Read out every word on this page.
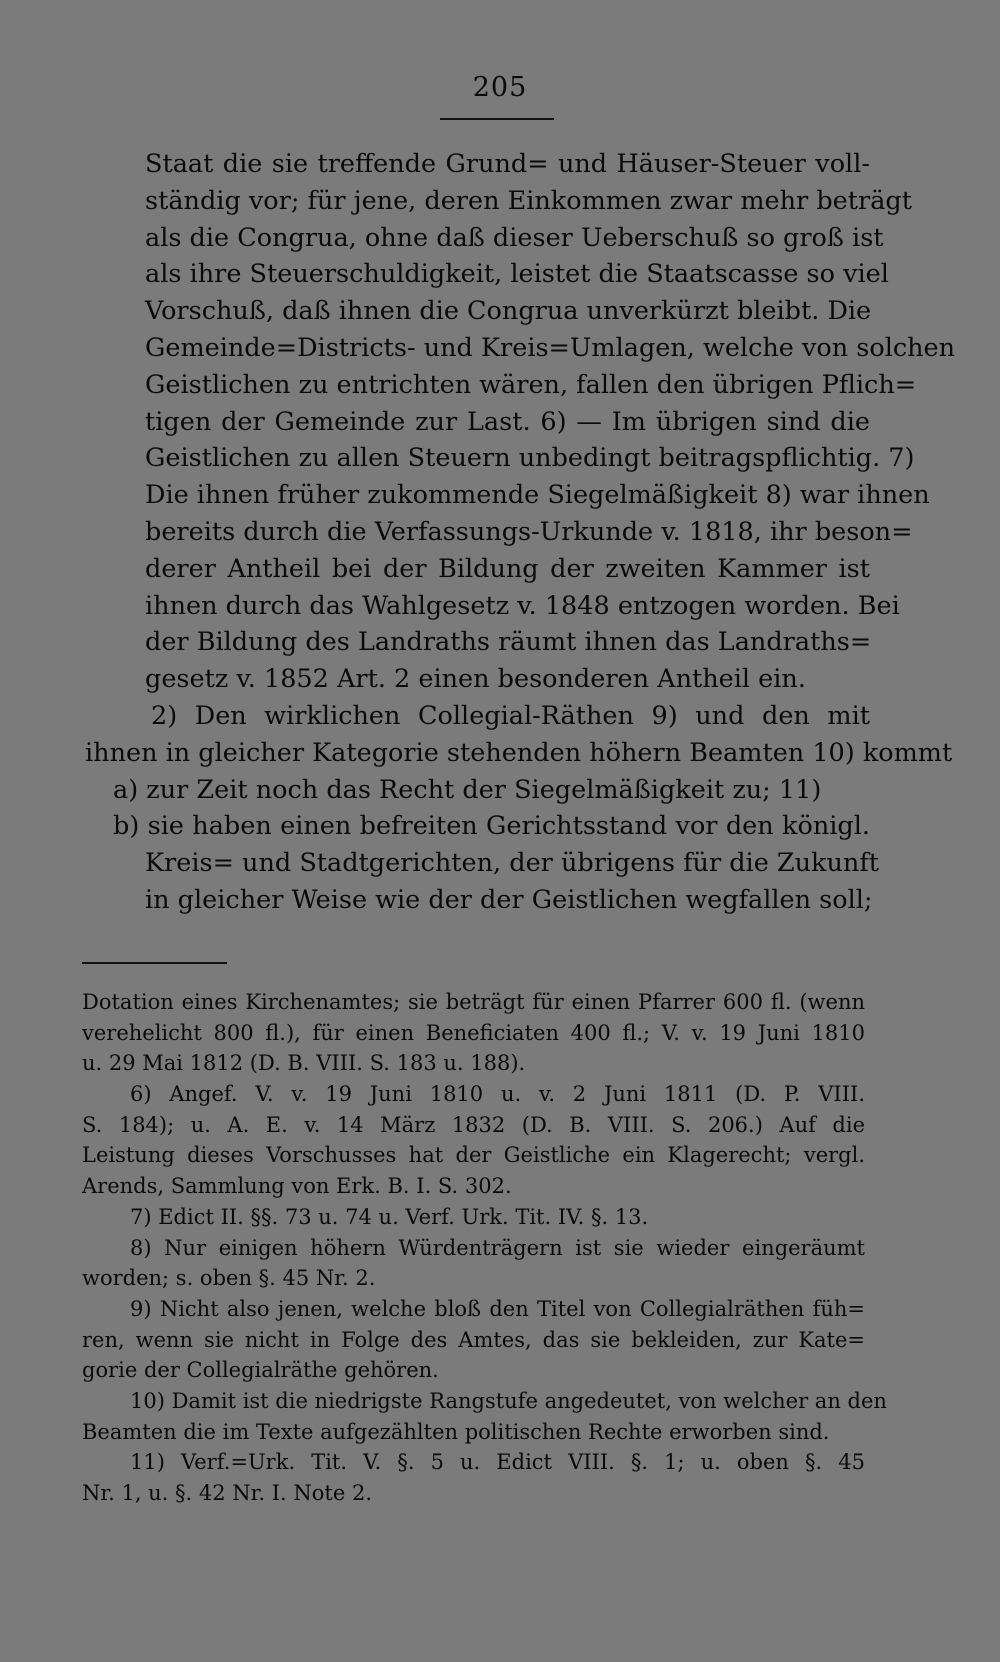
205
Staat die sie treffende Grund= und Häuser-Steuer voll-
ständig vor; für jene, deren Einkommen zwar mehr beträgt
als die Congrua, ohne daß dieser Ueberschuß so groß ist
als ihre Steuerschuldigkeit, leistet die Staatscasse so viel
Vorschuß, daß ihnen die Congrua unverkürzt bleibt. Die
Gemeinde=Districts- und Kreis=Umlagen, welche von solchen
Geistlichen zu entrichten wären, fallen den übrigen Pflich=
tigen der Gemeinde zur Last. 6) — Im übrigen sind die
Geistlichen zu allen Steuern unbedingt beitragspflichtig. 7)
Die ihnen früher zukommende Siegelmäßigkeit 8) war ihnen
bereits durch die Verfassungs-Urkunde v. 1818, ihr beson=
derer Antheil bei der Bildung der zweiten Kammer ist
ihnen durch das Wahlgesetz v. 1848 entzogen worden. Bei
der Bildung des Landraths räumt ihnen das Landraths=
gesetz v. 1852 Art. 2 einen besonderen Antheil ein.
2) Den wirklichen Collegial-Räthen 9) und den mit
ihnen in gleicher Kategorie stehenden höhern Beamten 10) kommt
a) zur Zeit noch das Recht der Siegelmäßigkeit zu; 11)
b) sie haben einen befreiten Gerichtsstand vor den königl.
Kreis= und Stadtgerichten, der übrigens für die Zukunft
in gleicher Weise wie der der Geistlichen wegfallen soll;
Dotation eines Kirchenamtes; sie beträgt für einen Pfarrer 600 fl. (wenn
verehelicht 800 fl.), für einen Beneficiaten 400 fl.; V. v. 19 Juni 1810
u. 29 Mai 1812 (D. B. VIII. S. 183 u. 188).
6) Angef. V. v. 19 Juni 1810 u. v. 2 Juni 1811 (D. P. VIII.
S. 184); u. A. E. v. 14 März 1832 (D. B. VIII. S. 206.) Auf die
Leistung dieses Vorschusses hat der Geistliche ein Klagerecht; vergl.
Arends, Sammlung von Erk. B. I. S. 302.
7) Edict II. §§. 73 u. 74 u. Verf. Urk. Tit. IV. §. 13.
8) Nur einigen höhern Würdenträgern ist sie wieder eingeräumt
worden; s. oben §. 45 Nr. 2.
9) Nicht also jenen, welche bloß den Titel von Collegialräthen füh=
ren, wenn sie nicht in Folge des Amtes, das sie bekleiden, zur Kate=
gorie der Collegialräthe gehören.
10) Damit ist die niedrigste Rangstufe angedeutet, von welcher an den
Beamten die im Texte aufgezählten politischen Rechte erworben sind.
11) Verf.=Urk. Tit. V. §. 5 u. Edict VIII. §. 1; u. oben §. 45
Nr. 1, u. §. 42 Nr. I. Note 2.
